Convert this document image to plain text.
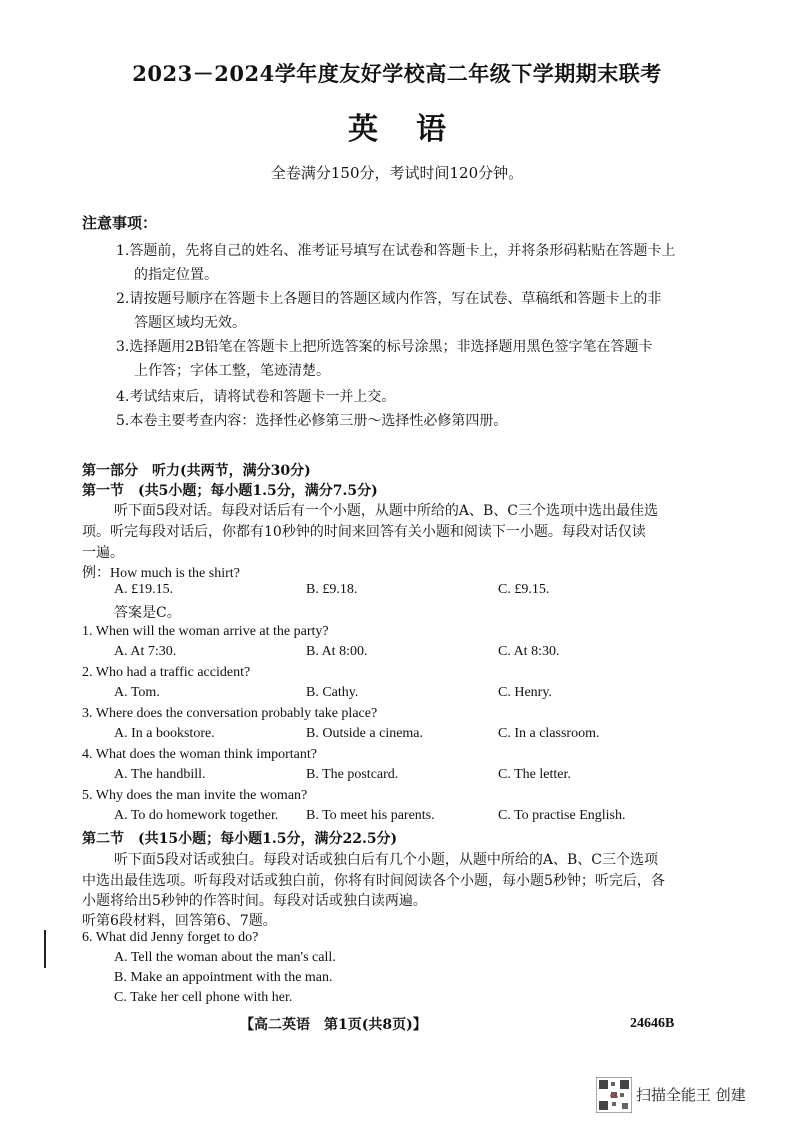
2023－2024学年度友好学校高二年级下学期期末联考
英语
全卷满分150分，考试时间120分钟。
注意事项：
1.答题前，先将自己的姓名、准考证号填写在试卷和答题卡上，并将条形码粘贴在答题卡上
的指定位置。
2.请按题号顺序在答题卡上各题目的答题区域内作答，写在试卷、草稿纸和答题卡上的非
答题区域均无效。
3.选择题用2B铅笔在答题卡上把所选答案的标号涂黑；非选择题用黑色签字笔在答题卡
上作答；字体工整，笔迹清楚。
4.考试结束后，请将试卷和答题卡一并上交。
5.本卷主要考查内容：选择性必修第三册～选择性必修第四册。
第一部分　听力(共两节，满分30分)
第一节　(共5小题；每小题1.5分，满分7.5分)
听下面5段对话。每段对话后有一个小题，从题中所给的A、B、C三个选项中选出最佳选
项。听完每段对话后，你都有10秒钟的时间来回答有关小题和阅读下一小题。每段对话仅读
一遍。
例：How much is the shirt?
A. £19.15.	B. £9.18.	C. £9.15.
答案是C。
1. When will the woman arrive at the party?
A. At 7:30.	B. At 8:00.	C. At 8:30.
2. Who had a traffic accident?
A. Tom.	B. Cathy.	C. Henry.
3. Where does the conversation probably take place?
A. In a bookstore.	B. Outside a cinema.	C. In a classroom.
4. What does the woman think important?
A. The handbill.	B. The postcard.	C. The letter.
5. Why does the man invite the woman?
A. To do homework together. B. To meet his parents.	C. To practise English.
第二节　(共15小题；每小题1.5分，满分22.5分)
听下面5段对话或独白。每段对话或独白后有几个小题，从题中所给的A、B、C三个选项
中选出最佳选项。听每段对话或独白前，你将有时间阅读各个小题，每小题5秒钟；听完后，各
小题将给出5秒钟的作答时间。每段对话或独白读两遍。
听第6段材料，回答第6、7题。
6. What did Jenny forget to do?
A. Tell the woman about the man's call.
B. Make an appointment with the man.
C. Take her cell phone with her.
【高二英语　第1页(共8页)】	24646B
CS 扫描全能王 创建
